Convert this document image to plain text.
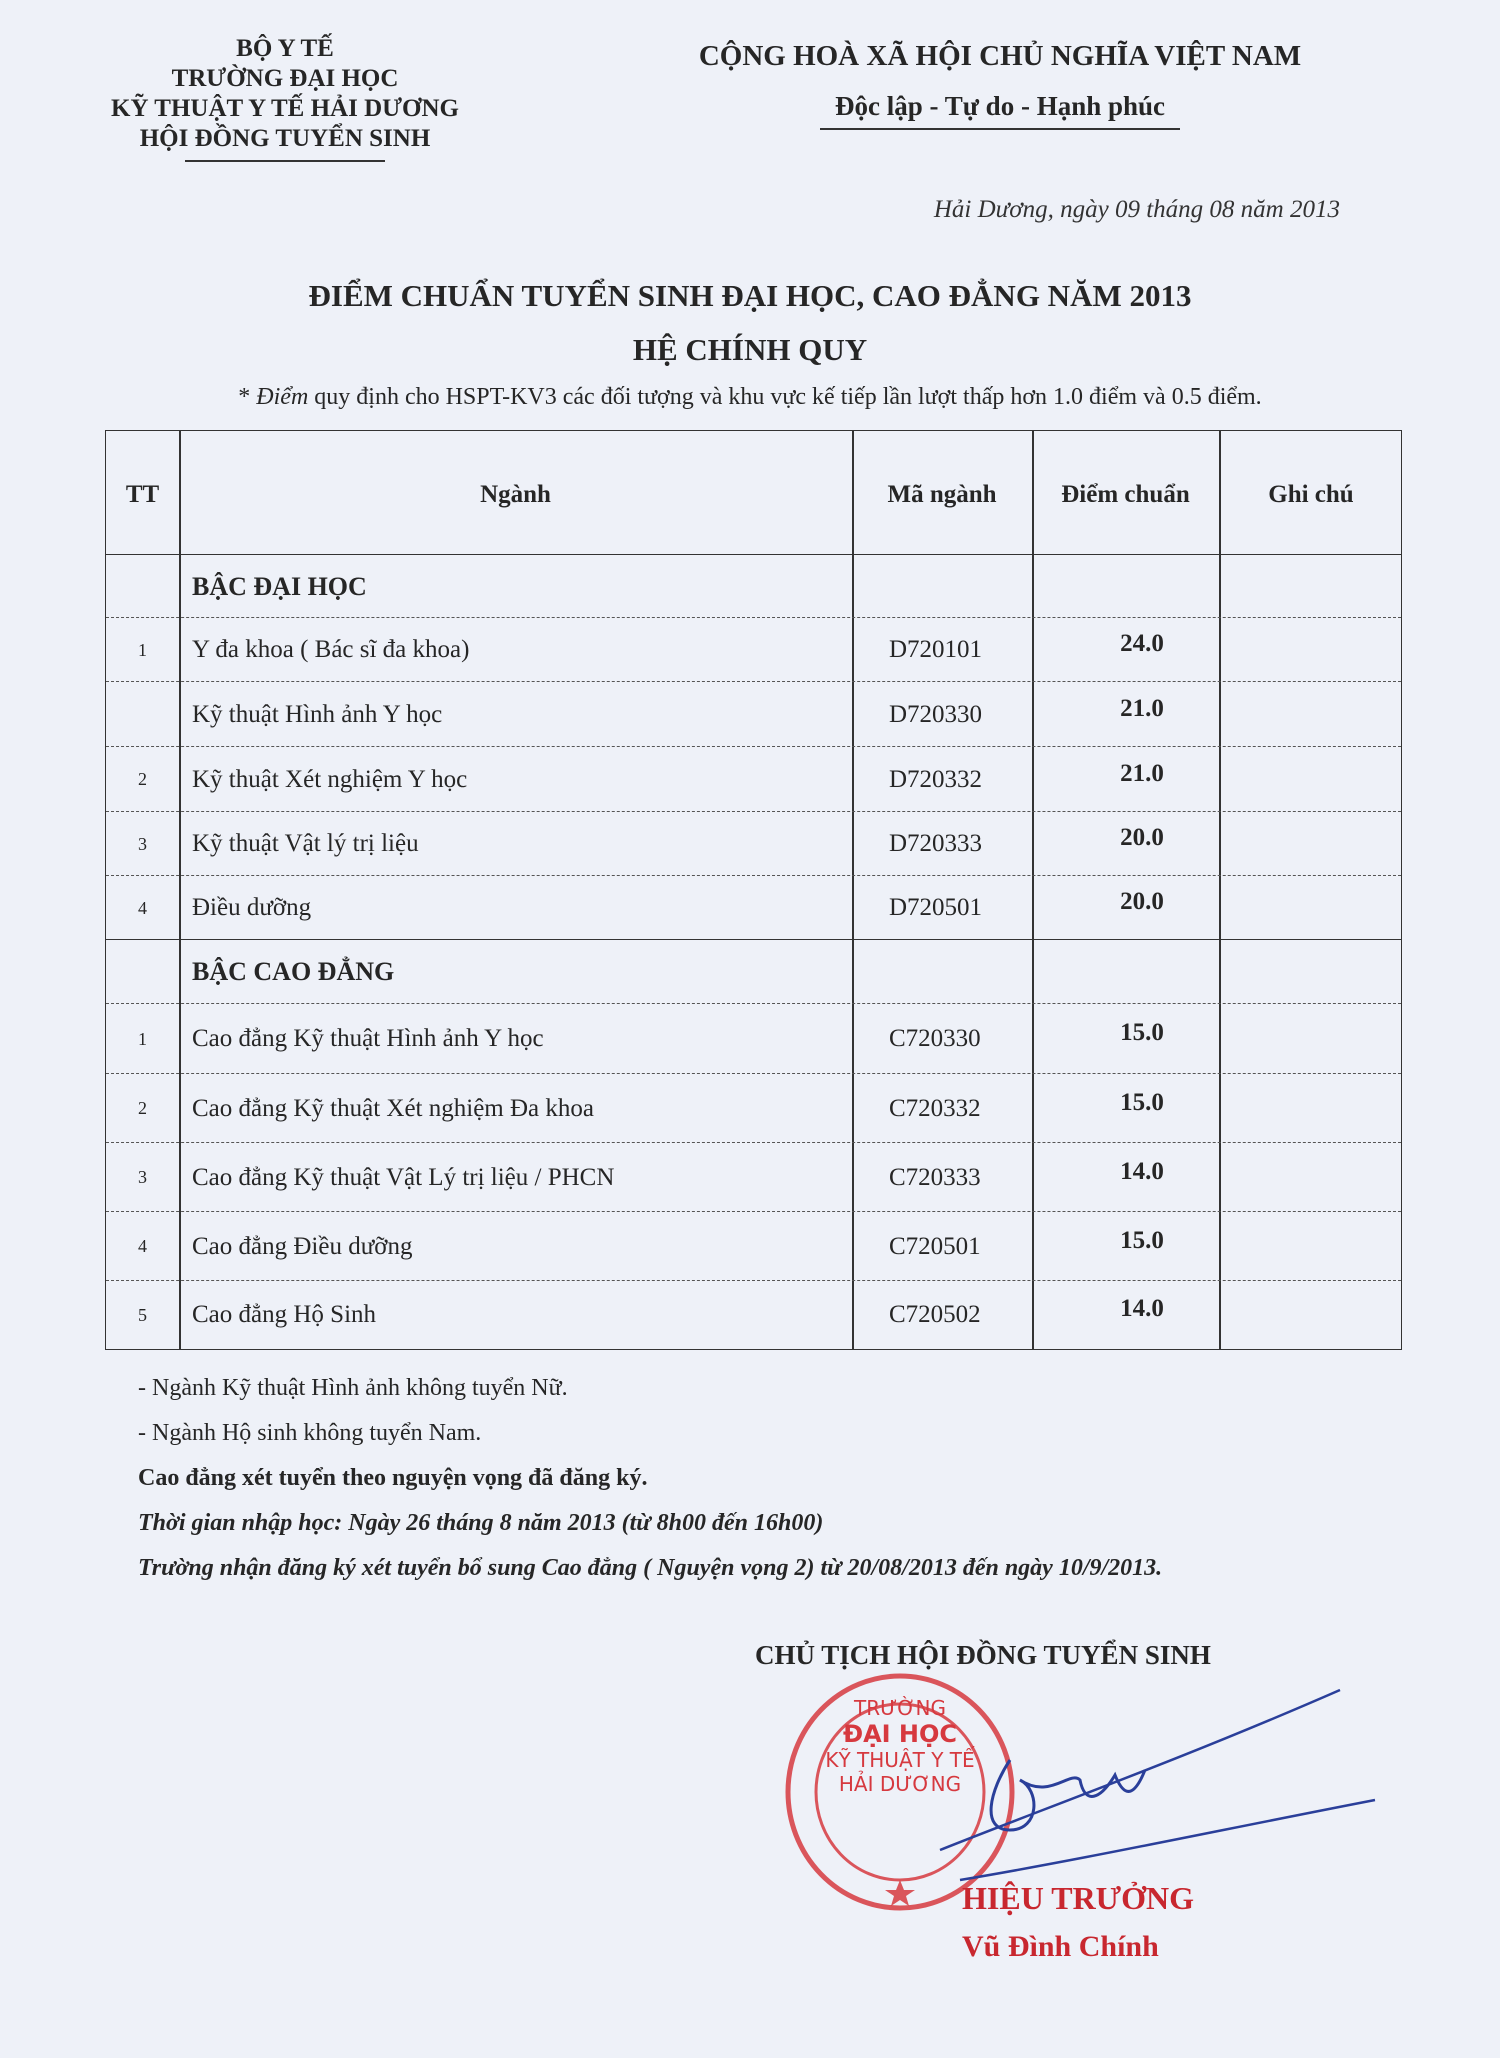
BỘ Y TẾ
TRƯỜNG ĐẠI HỌC
KỸ THUẬT Y TẾ HẢI DƯƠNG
HỘI ĐỒNG TUYỂN SINH
CỘNG HOÀ XÃ HỘI CHỦ NGHĨA VIỆT NAM
Độc lập - Tự do - Hạnh phúc
Hải Dương, ngày 09 tháng 08 năm 2013
ĐIỂM CHUẨN TUYỂN SINH ĐẠI HỌC, CAO ĐẲNG NĂM 2013
HỆ CHÍNH QUY
* Điểm quy định cho HSPT-KV3 các đối tượng và khu vực kế tiếp lần lượt thấp hơn 1.0 điểm và 0.5 điểm.
TT	Ngành	Mã ngành	Điểm chuẩn	Ghi chú
BẬC ĐẠI HỌC
1	Y đa khoa ( Bác sĩ đa khoa)	D720101	24.0
Kỹ thuật Hình ảnh Y học	D720330	21.0
2	Kỹ thuật Xét nghiệm Y học	D720332	21.0
3	Kỹ thuật Vật lý trị liệu	D720333	20.0
4	Điều dưỡng	D720501	20.0
BẬC CAO ĐẲNG
1	Cao đẳng Kỹ thuật Hình ảnh Y học	C720330	15.0
2	Cao đẳng Kỹ thuật Xét nghiệm Đa khoa	C720332	15.0
3	Cao đẳng Kỹ thuật Vật Lý trị liệu / PHCN	C720333	14.0
4	Cao đẳng Điều dưỡng	C720501	15.0
5	Cao đẳng Hộ Sinh	C720502	14.0

- Ngành Kỹ thuật Hình ảnh không tuyển Nữ.

- Ngành Hộ sinh không tuyển Nam.

Cao đẳng xét tuyển theo nguyện vọng đã đăng ký.

Thời gian nhập học: Ngày 26 tháng 8 năm 2013 (từ 8h00 đến 16h00)

Trường nhận đăng ký xét tuyển bổ sung Cao đẳng ( Nguyện vọng 2) từ 20/08/2013 đến ngày 10/9/2013.

CHỦ TỊCH HỘI ĐỒNG TUYỂN SINH
TRƯỜNG
ĐẠI HỌC
KỸ THUẬT Y TẾ
HẢI DƯƠNG
HIỆU TRƯỞNG
Vũ Đình Chính
